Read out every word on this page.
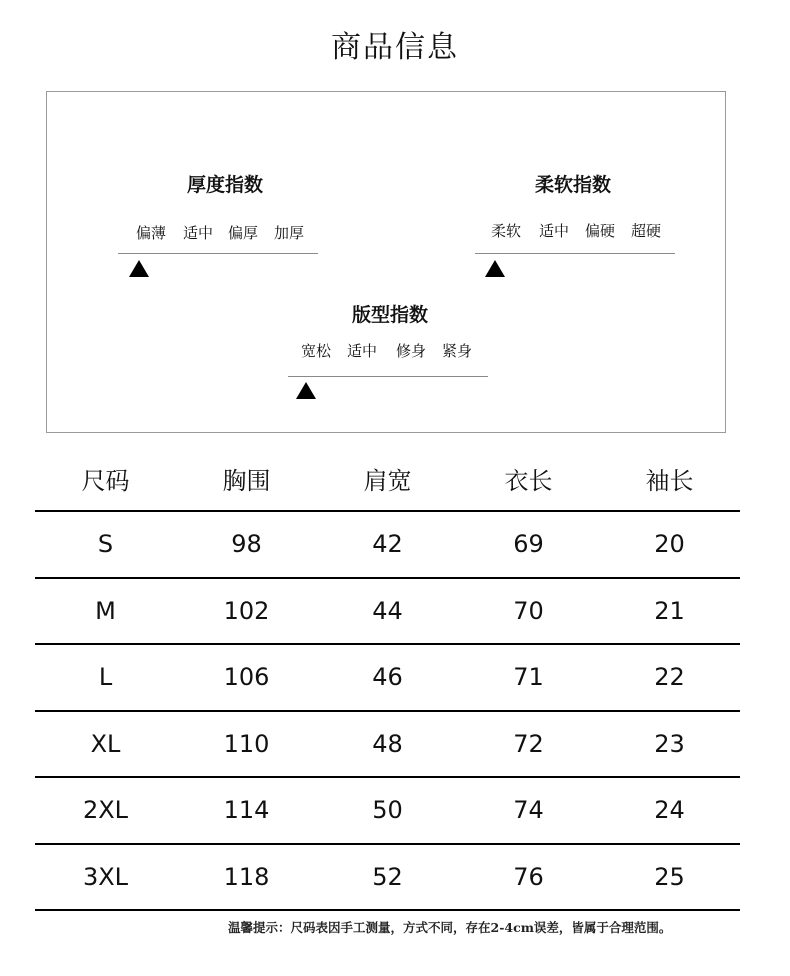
商品信息
厚度指数
偏薄	适中 偏厚	加厚
柔软指数
柔软	适中	偏硬	超硬
版型指数
宽松	适中	修身	紧身
尺码	胸围	肩宽	衣长	袖长
S	98	42	69	20
M	102	44	70	21
L	106	46	71	22
XL	110	48	72	23
2XL	114	50	74	24
3XL	118	52	76	25
温馨提示：尺码表因手工测量，方式不同，存在2-4cm误差，皆属于合理范围。
